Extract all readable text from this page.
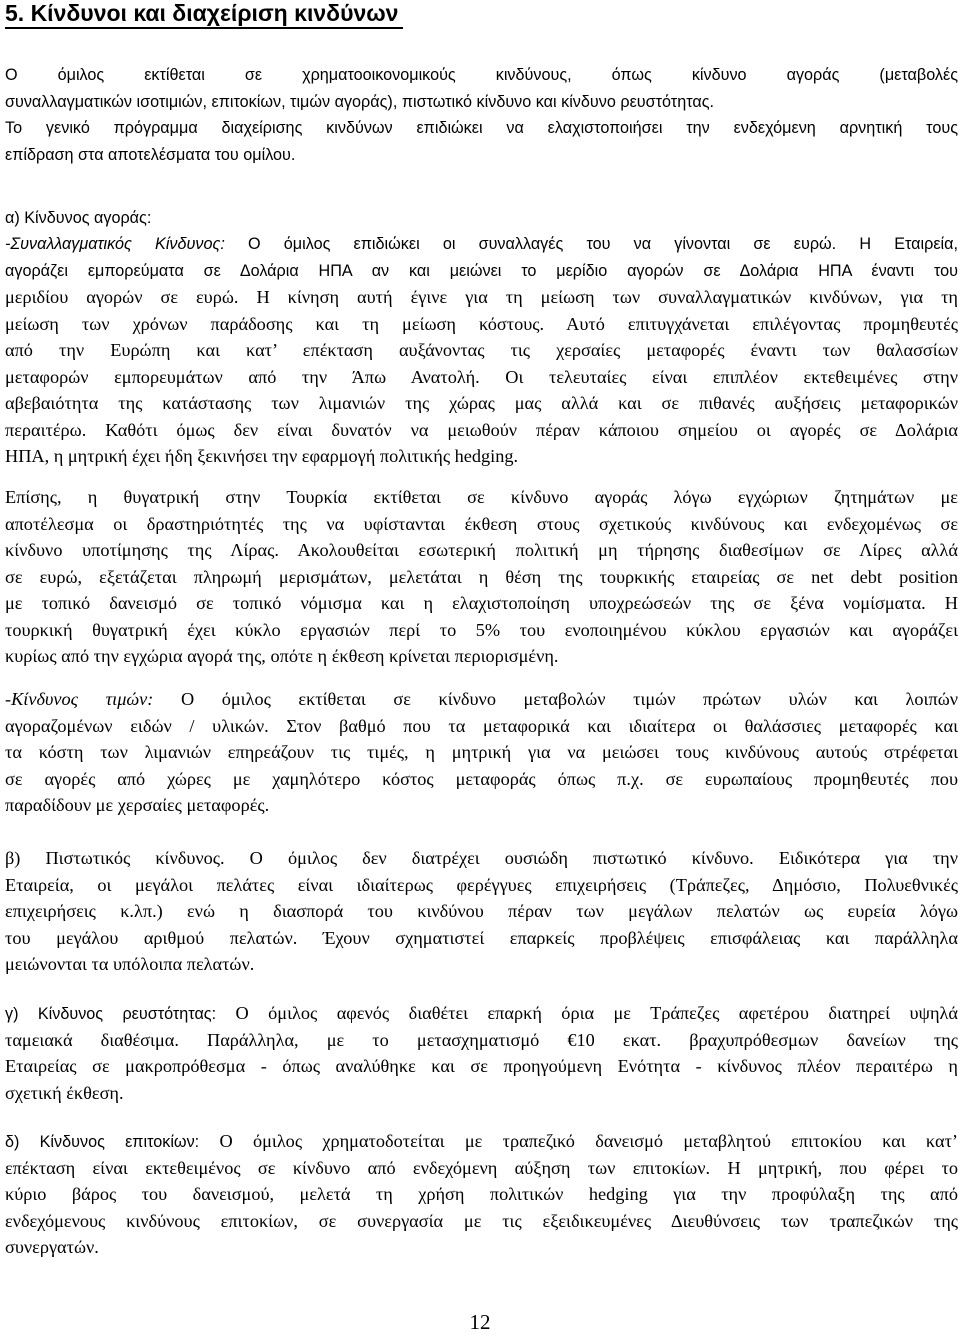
5. Κίνδυνοι και διαχείριση κινδύνων

Ο όμιλος εκτίθεται σε χρηματοοικονομικούς κινδύνους, όπως κίνδυνο αγοράς (μεταβολές
συναλλαγματικών ισοτιμιών, επιτοκίων, τιμών αγοράς), πιστωτικό κίνδυνο και κίνδυνο ρευστότητας.
Το γενικό πρόγραμμα διαχείρισης κινδύνων επιδιώκει να ελαχιστοποιήσει την ενδεχόμενη αρνητική τους
επίδραση στα αποτελέσματα του ομίλου.

α) Κίνδυνος αγοράς:

-Συναλλαγματικός Κίνδυνος: Ο όμιλος επιδιώκει οι συναλλαγές του να γίνονται σε ευρώ. Η Εταιρεία,
αγοράζει εμπορεύματα σε Δολάρια ΗΠΑ αν και μειώνει το μερίδιο αγορών σε Δολάρια ΗΠΑ έναντι του
μεριδίου αγορών σε ευρώ. Η κίνηση αυτή έγινε για τη μείωση των συναλλαγματικών κινδύνων, για τη
μείωση των χρόνων παράδοσης και τη μείωση κόστους. Αυτό επιτυγχάνεται επιλέγοντας προμηθευτές
από την Ευρώπη και κατ’ επέκταση αυξάνοντας τις χερσαίες μεταφορές έναντι των θαλασσίων
μεταφορών εμπορευμάτων από την Άπω Ανατολή. Οι τελευταίες είναι επιπλέον εκτεθειμένες στην
αβεβαιότητα της κατάστασης των λιμανιών της χώρας μας αλλά και σε πιθανές αυξήσεις μεταφορικών
περαιτέρω. Καθότι όμως δεν είναι δυνατόν να μειωθούν πέραν κάποιου σημείου οι αγορές σε Δολάρια
ΗΠΑ, η μητρική έχει ήδη ξεκινήσει την εφαρμογή πολιτικής hedging.

Επίσης, η θυγατρική στην Τουρκία εκτίθεται σε κίνδυνο αγοράς λόγω εγχώριων ζητημάτων με
αποτέλεσμα οι δραστηριότητές της να υφίστανται έκθεση στους σχετικούς κινδύνους και ενδεχομένως σε
κίνδυνο υποτίμησης της Λίρας. Ακολουθείται εσωτερική πολιτική μη τήρησης διαθεσίμων σε Λίρες αλλά
σε ευρώ, εξετάζεται πληρωμή μερισμάτων, μελετάται η θέση της τουρκικής εταιρείας σε net debt position
με τοπικό δανεισμό σε τοπικό νόμισμα και η ελαχιστοποίηση υποχρεώσεών της σε ξένα νομίσματα. Η
τουρκική θυγατρική έχει κύκλο εργασιών περί το 5% του ενοποιημένου κύκλου εργασιών και αγοράζει
κυρίως από την εγχώρια αγορά της, οπότε η έκθεση κρίνεται περιορισμένη.

-Κίνδυνος τιμών: Ο όμιλος εκτίθεται σε κίνδυνο μεταβολών τιμών πρώτων υλών και λοιπών
αγοραζομένων ειδών / υλικών. Στον βαθμό που τα μεταφορικά και ιδιαίτερα οι θαλάσσιες μεταφορές και
τα κόστη των λιμανιών επηρεάζουν τις τιμές, η μητρική για να μειώσει τους κινδύνους αυτούς στρέφεται
σε αγορές από χώρες με χαμηλότερο κόστος μεταφοράς όπως π.χ. σε ευρωπαίους προμηθευτές που
παραδίδουν με χερσαίες μεταφορές.

β) Πιστωτικός κίνδυνος. Ο όμιλος δεν διατρέχει ουσιώδη πιστωτικό κίνδυνο. Ειδικότερα για την
Εταιρεία, οι μεγάλοι πελάτες είναι ιδιαίτερως φερέγγυες επιχειρήσεις (Τράπεζες, Δημόσιο, Πολυεθνικές
επιχειρήσεις κ.λπ.) ενώ η διασπορά του κινδύνου πέραν των μεγάλων πελατών ως ευρεία λόγω
του μεγάλου αριθμού πελατών. Έχουν σχηματιστεί επαρκείς προβλέψεις επισφάλειας και παράλληλα
μειώνονται τα υπόλοιπα πελατών.

γ) Κίνδυνος ρευστότητας: Ο όμιλος αφενός διαθέτει επαρκή όρια με Τράπεζες αφετέρου διατηρεί υψηλά
ταμειακά διαθέσιμα. Παράλληλα, με το μετασχηματισμό €10 εκατ. βραχυπρόθεσμων δανείων της
Εταιρείας σε μακροπρόθεσμα - όπως αναλύθηκε και σε προηγούμενη Ενότητα - κίνδυνος πλέον περαιτέρω η
σχετική έκθεση.

δ) Κίνδυνος επιτοκίων: Ο όμιλος χρηματοδοτείται με τραπεζικό δανεισμό μεταβλητού επιτοκίου και κατ’
επέκταση είναι εκτεθειμένος σε κίνδυνο από ενδεχόμενη αύξηση των επιτοκίων. Η μητρική, που φέρει το
κύριο βάρος του δανεισμού, μελετά τη χρήση πολιτικών hedging για την προφύλαξη της από
ενδεχόμενους κινδύνους επιτοκίων, σε συνεργασία με τις εξειδικευμένες Διευθύνσεις των τραπεζικών της
συνεργατών.

12
